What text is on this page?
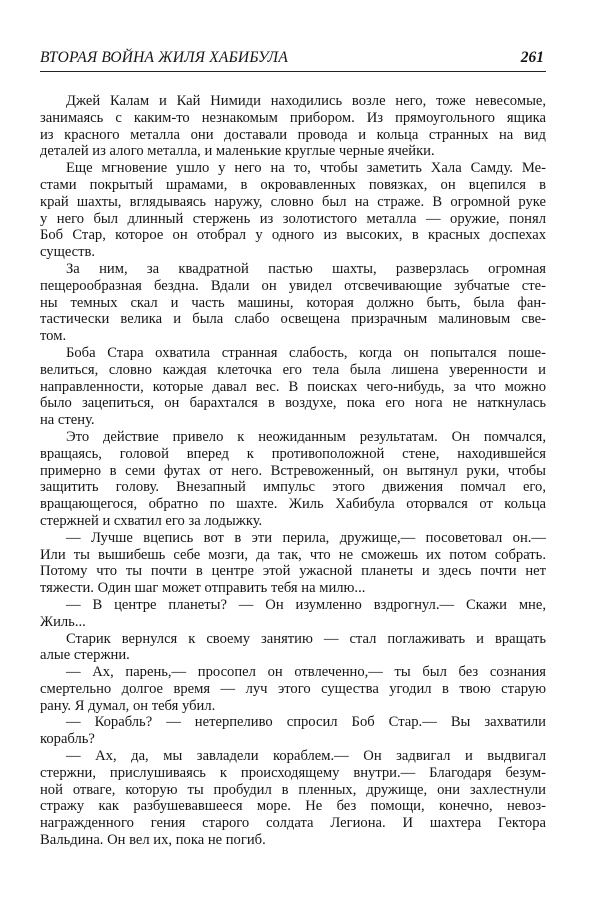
ВТОРАЯ ВОЙНА ЖИЛЯ ХАБИБУЛА	261
Джей Калам и Кай Нимиди находились возле него, тоже невесомые,
занимаясь с каким-то незнакомым прибором. Из прямоугольного ящика
из красного металла они доставали провода и кольца странных на вид
деталей из алого металла, и маленькие круглые черные ячейки.
Еще мгновение ушло у него на то, чтобы заметить Хала Самду. Ме-
стами покрытый шрамами, в окровавленных повязках, он вцепился в
край шахты, вглядываясь наружу, словно был на страже. В огромной руке
у него был длинный стержень из золотистого металла — оружие, понял
Боб Стар, которое он отобрал у одного из высоких, в красных доспехах
существ.
За ним, за квадратной пастью шахты, разверзлась огромная
пещерообразная бездна. Вдали он увидел отсвечивающие зубчатые сте-
ны темных скал и часть машины, которая должно быть, была фан-
тастически велика и была слабо освещена призрачным малиновым све-
том.
Боба Стара охватила странная слабость, когда он попытался поше-
велиться, словно каждая клеточка его тела была лишена уверенности и
направленности, которые давал вес. В поисках чего-нибудь, за что можно
было зацепиться, он барахтался в воздухе, пока его нога не наткнулась
на стену.
Это действие привело к неожиданным результатам. Он помчался,
вращаясь, головой вперед к противоположной стене, находившейся
примерно в семи футах от него. Встревоженный, он вытянул руки, чтобы
защитить голову. Внезапный импульс этого движения помчал его,
вращающегося, обратно по шахте. Жиль Хабибула оторвался от кольца
стержней и схватил его за лодыжку.
— Лучше вцепись вот в эти перила, дружище,— посоветовал он.—
Или ты вышибешь себе мозги, да так, что не сможешь их потом собрать.
Потому что ты почти в центре этой ужасной планеты и здесь почти нет
тяжести. Один шаг может отправить тебя на милю...
— В центре планеты? — Он изумленно вздрогнул.— Скажи мне,
Жиль...
Старик вернулся к своему занятию — стал поглаживать и вращать
алые стержни.
— Ах, парень,— просопел он отвлеченно,— ты был без сознания
смертельно долгое время — луч этого существа угодил в твою старую
рану. Я думал, он тебя убил.
— Корабль? — нетерпеливо спросил Боб Стар.— Вы захватили
корабль?
— Ах, да, мы завладели кораблем.— Он задвигал и выдвигал
стержни, прислушиваясь к происходящему внутри.— Благодаря безум-
ной отваге, которую ты пробудил в пленных, дружище, они захлестнули
стражу как разбушевавшееся море. Не без помощи, конечно, невоз-
награжденного гения старого солдата Легиона. И шахтера Гектора
Вальдина. Он вел их, пока не погиб.
